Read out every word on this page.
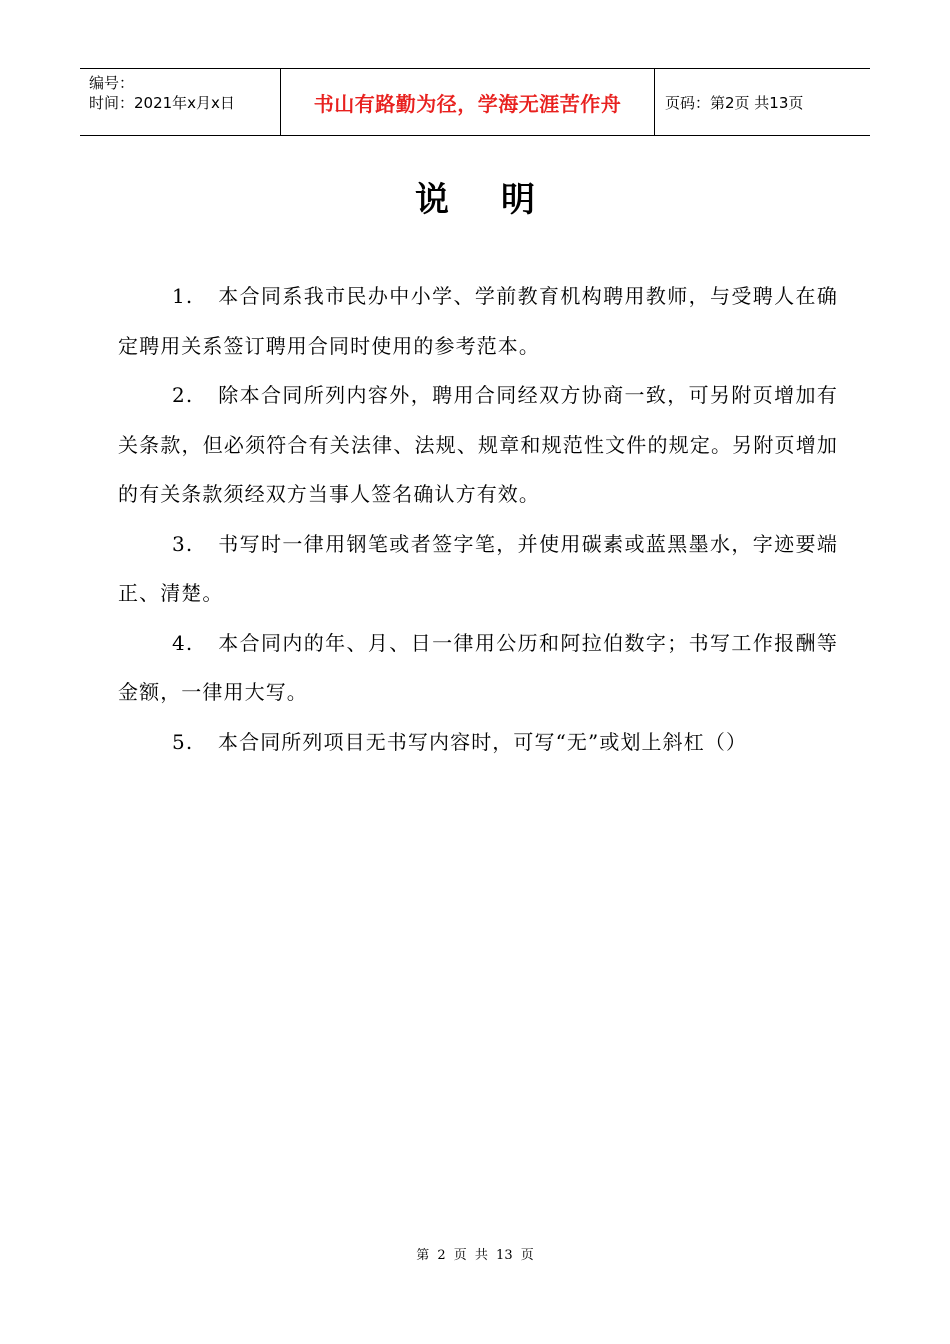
编号：
时间：2021年x月x日	书山有路勤为径，学海无涯苦作舟	页码：第2页 共13页
说明

1. 本合同系我市民办中小学、学前教育机构聘用教师，与受聘人在确定聘用关系签订聘用合同时使用的参考范本。

2. 除本合同所列内容外，聘用合同经双方协商一致，可另附页增加有关条款，但必须符合有关法律、法规、规章和规范性文件的规定。另附页增加的有关条款须经双方当事人签名确认方有效。

3. 书写时一律用钢笔或者签字笔，并使用碳素或蓝黑墨水，字迹要端正、清楚。

4. 本合同内的年、月、日一律用公历和阿拉伯数字；书写工作报酬等金额，一律用大写。

5. 本合同所列项目无书写内容时，可写“无”或划上斜杠（）

第 2 页 共 13 页
